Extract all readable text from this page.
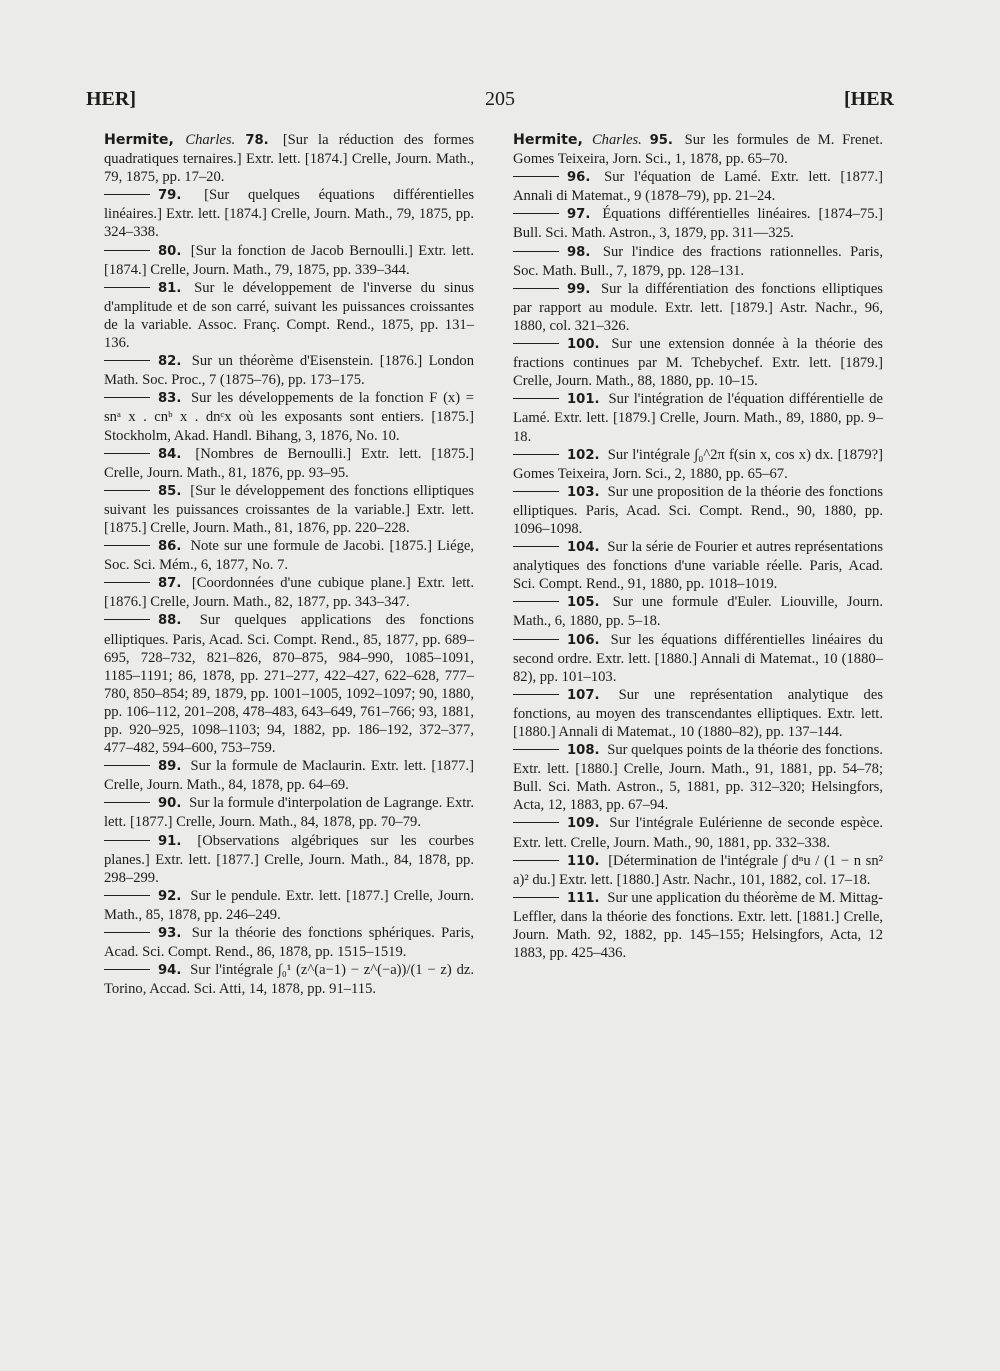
HER]	205	[HER
Hermite, Charles. 78. [Sur la réduction des formes quadratiques ternaires.] Extr. lett. [1874.] Crelle, Journ. Math., 79, 1875, pp. 17–20.
79. [Sur quelques équations différentielles linéaires.] Extr. lett. [1874.] Crelle, Journ. Math., 79, 1875, pp. 324–338.
80. [Sur la fonction de Jacob Bernoulli.] Extr. lett. [1874.] Crelle, Journ. Math., 79, 1875, pp. 339–344.
81. Sur le développement de l'inverse du sinus d'amplitude et de son carré, suivant les puissances croissantes de la variable. Assoc. Franç. Compt. Rend., 1875, pp. 131–136.
82. Sur un théorème d'Eisenstein. [1876.] London Math. Soc. Proc., 7 (1875–76), pp. 173–175.
83. Sur les développements de la fonction F (x) = snᵃ x . cnᵇ x . dnᶜx où les exposants sont entiers. [1875.] Stockholm, Akad. Handl. Bihang, 3, 1876, No. 10.
84. [Nombres de Bernoulli.] Extr. lett. [1875.] Crelle, Journ. Math., 81, 1876, pp. 93–95.
85. [Sur le développement des fonctions elliptiques suivant les puissances croissantes de la variable.] Extr. lett. [1875.] Crelle, Journ. Math., 81, 1876, pp. 220–228.
86. Note sur une formule de Jacobi. [1875.] Liége, Soc. Sci. Mém., 6, 1877, No. 7.
87. [Coordonnées d'une cubique plane.] Extr. lett. [1876.] Crelle, Journ. Math., 82, 1877, pp. 343–347.
88. Sur quelques applications des fonctions elliptiques. Paris, Acad. Sci. Compt. Rend., 85, 1877, pp. 689–695, 728–732, 821–826, 870–875, 984–990, 1085–1091, 1185–1191; 86, 1878, pp. 271–277, 422–427, 622–628, 777–780, 850–854; 89, 1879, pp. 1001–1005, 1092–1097; 90, 1880, pp. 106–112, 201–208, 478–483, 643–649, 761–766; 93, 1881, pp. 920–925, 1098–1103; 94, 1882, pp. 186–192, 372–377, 477–482, 594–600, 753–759.
89. Sur la formule de Maclaurin. Extr. lett. [1877.] Crelle, Journ. Math., 84, 1878, pp. 64–69.
90. Sur la formule d'interpolation de Lagrange. Extr. lett. [1877.] Crelle, Journ. Math., 84, 1878, pp. 70–79.
91. [Observations algébriques sur les courbes planes.] Extr. lett. [1877.] Crelle, Journ. Math., 84, 1878, pp. 298–299.
92. Sur le pendule. Extr. lett. [1877.] Crelle, Journ. Math., 85, 1878, pp. 246–249.
93. Sur la théorie des fonctions sphériques. Paris, Acad. Sci. Compt. Rend., 86, 1878, pp. 1515–1519.
94. Sur l'intégrale ∫₀¹ (z^(a−1) − z^(−a))/(1 − z) dz. Torino, Accad. Sci. Atti, 14, 1878, pp. 91–115.
Hermite, Charles. 95. Sur les formules de M. Frenet. Gomes Teixeira, Jorn. Sci., 1, 1878, pp. 65–70.
96. Sur l'équation de Lamé. Extr. lett. [1877.] Annali di Matemat., 9 (1878–79), pp. 21–24.
97. Équations différentielles linéaires. [1874–75.] Bull. Sci. Math. Astron., 3, 1879, pp. 311—325.
98. Sur l'indice des fractions rationnelles. Paris, Soc. Math. Bull., 7, 1879, pp. 128–131.
99. Sur la différentiation des fonctions elliptiques par rapport au module. Extr. lett. [1879.] Astr. Nachr., 96, 1880, col. 321–326.
100. Sur une extension donnée à la théorie des fractions continues par M. Tchebychef. Extr. lett. [1879.] Crelle, Journ. Math., 88, 1880, pp. 10–15.
101. Sur l'intégration de l'équation différentielle de Lamé. Extr. lett. [1879.] Crelle, Journ. Math., 89, 1880, pp. 9–18.
102. Sur l'intégrale ∫₀^2π f(sin x, cos x) dx. [1879?] Gomes Teixeira, Jorn. Sci., 2, 1880, pp. 65–67.
103. Sur une proposition de la théorie des fonctions elliptiques. Paris, Acad. Sci. Compt. Rend., 90, 1880, pp. 1096–1098.
104. Sur la série de Fourier et autres représentations analytiques des fonctions d'une variable réelle. Paris, Acad. Sci. Compt. Rend., 91, 1880, pp. 1018–1019.
105. Sur une formule d'Euler. Liouville, Journ. Math., 6, 1880, pp. 5–18.
106. Sur les équations différentielles linéaires du second ordre. Extr. lett. [1880.] Annali di Matemat., 10 (1880–82), pp. 101–103.
107. Sur une représentation analytique des fonctions, au moyen des transcendantes elliptiques. Extr. lett. [1880.] Annali di Matemat., 10 (1880–82), pp. 137–144.
108. Sur quelques points de la théorie des fonctions. Extr. lett. [1880.] Crelle, Journ. Math., 91, 1881, pp. 54–78; Bull. Sci. Math. Astron., 5, 1881, pp. 312–320; Helsingfors, Acta, 12, 1883, pp. 67–94.
109. Sur l'intégrale Eulérienne de seconde espèce. Extr. lett. Crelle, Journ. Math., 90, 1881, pp. 332–338.
110. [Détermination de l'intégrale ∫ dⁿu / (1 − n sn² a)² du.] Extr. lett. [1880.] Astr. Nachr., 101, 1882, col. 17–18.
111. Sur une application du théorème de M. Mittag-Leffler, dans la théorie des fonctions. Extr. lett. [1881.] Crelle, Journ. Math. 92, 1882, pp. 145–155; Helsingfors, Acta, 12 1883, pp. 425–436.
